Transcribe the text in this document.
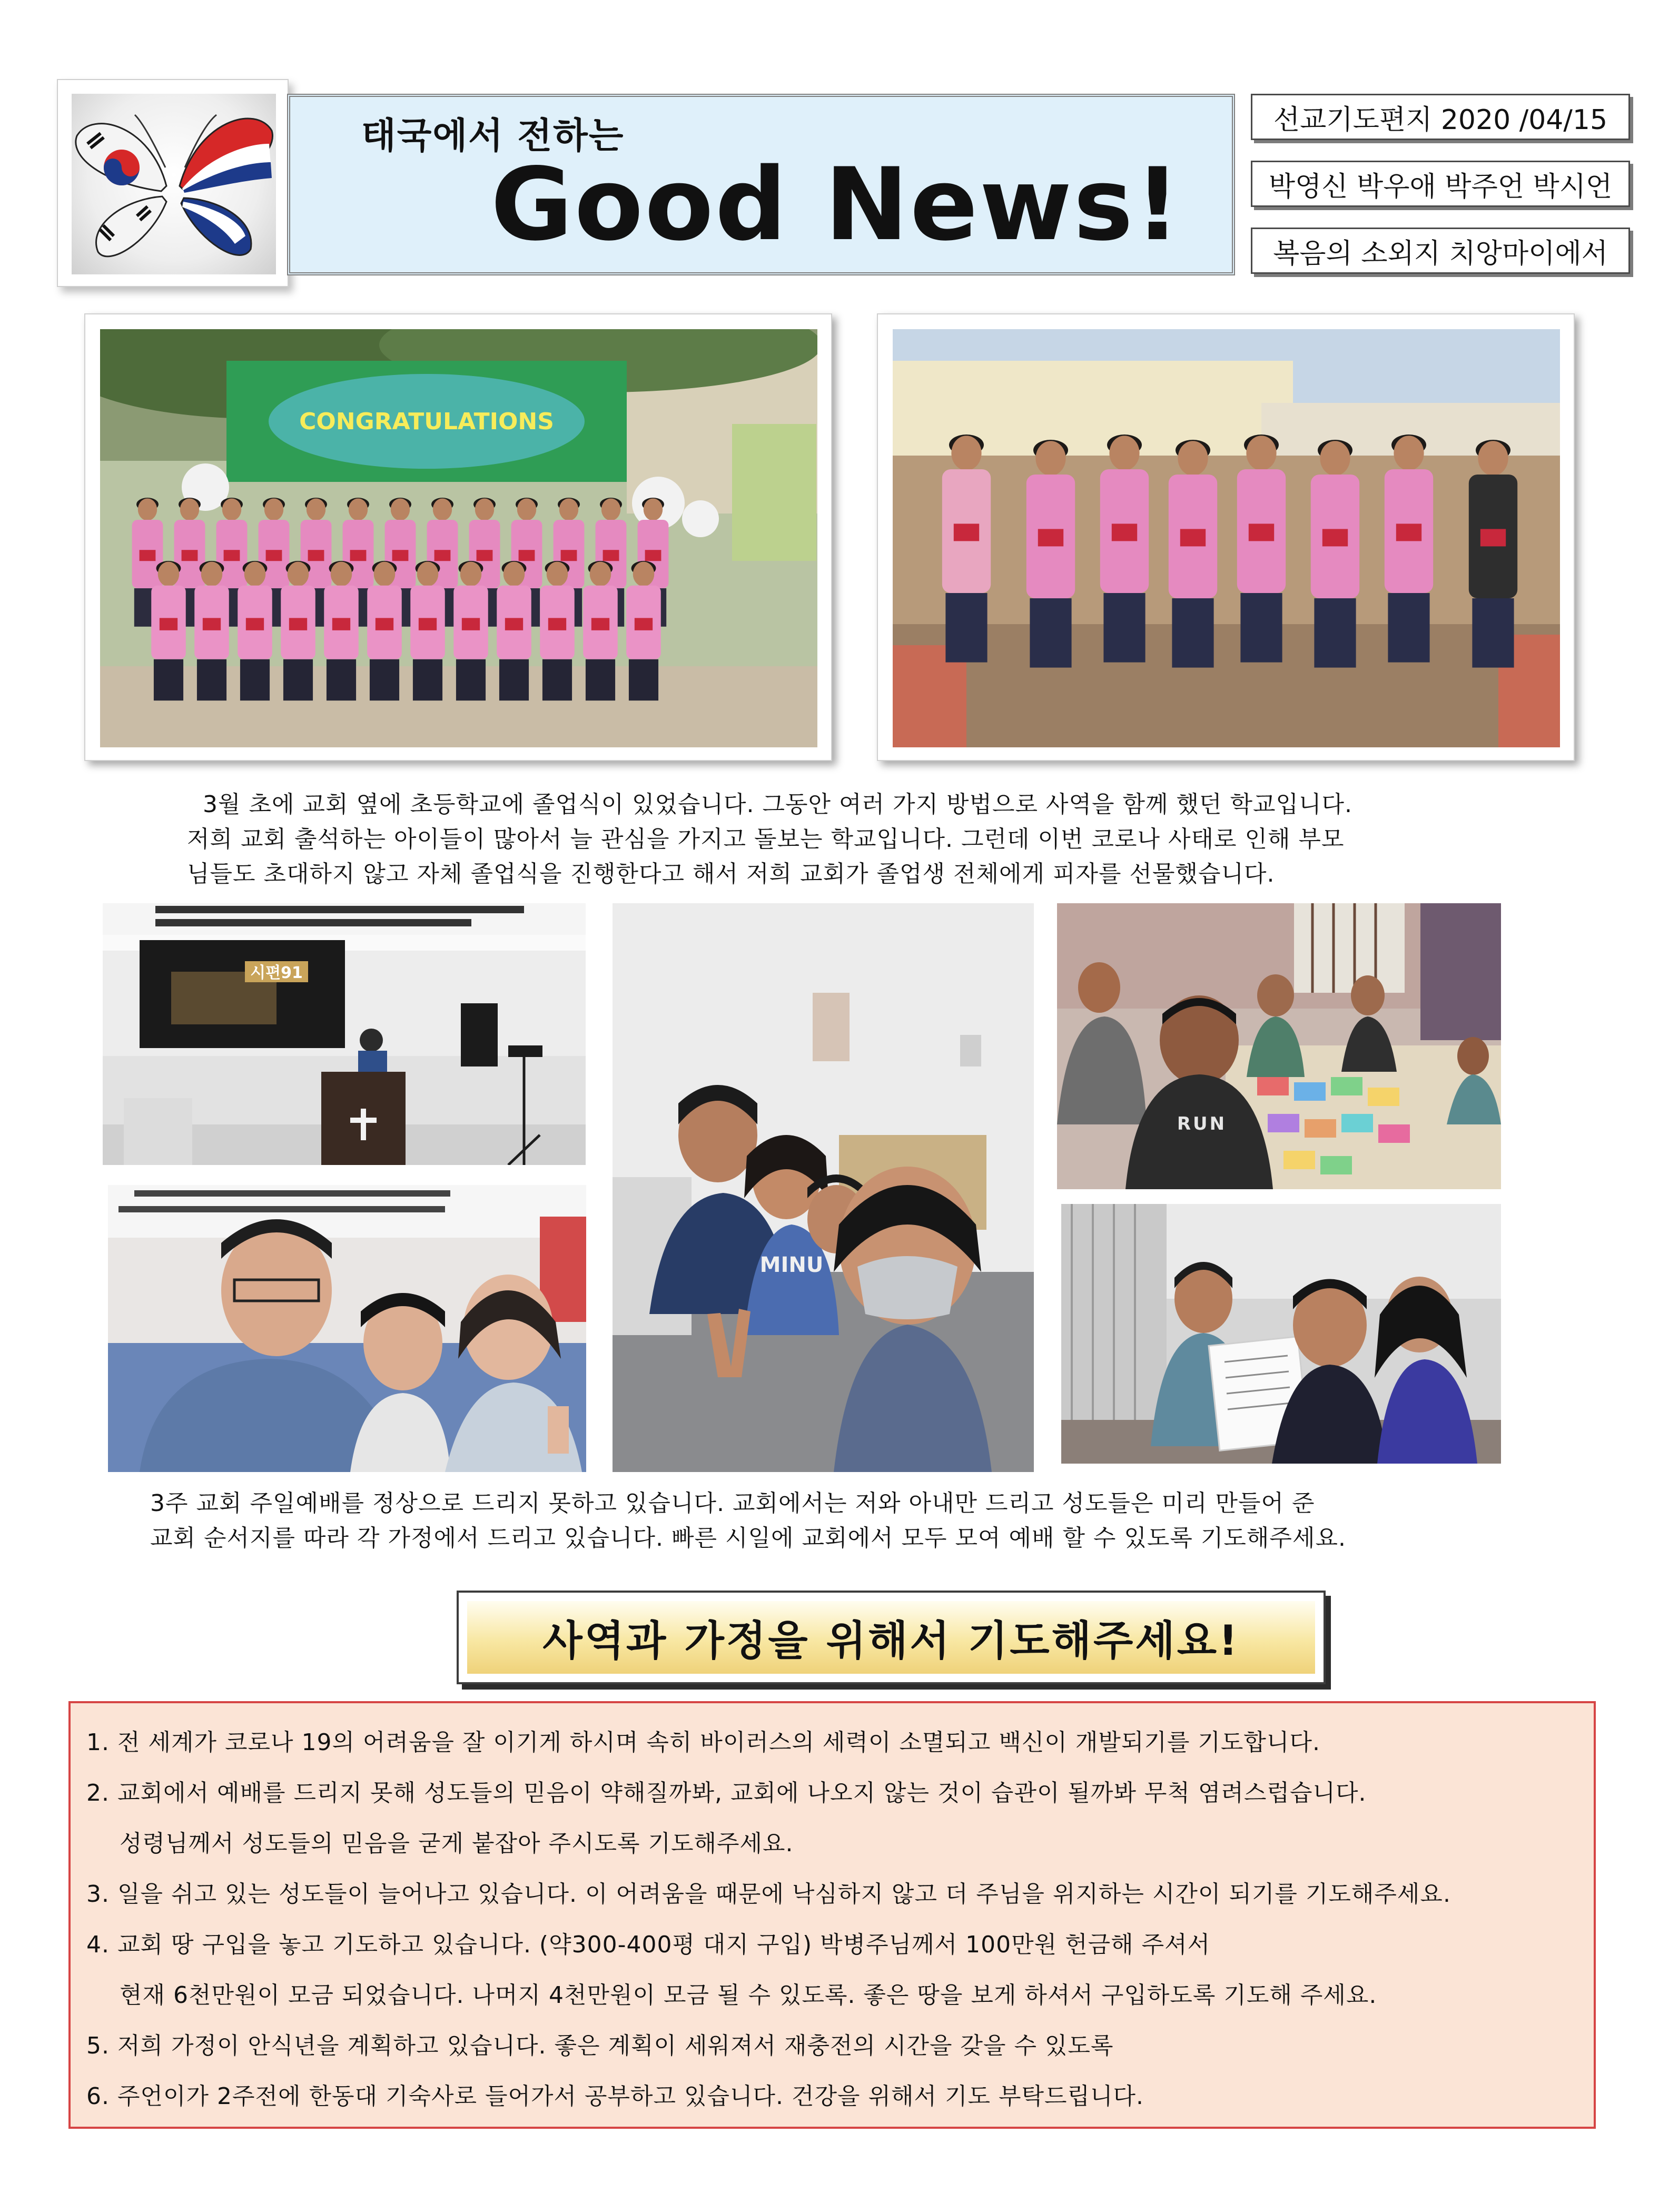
태국에서 전하는
Good News!
선교기도편지 2020 /04/15
박영신 박우애 박주언 박시언
복음의 소외지 치앙마이에서
CONGRATULATIONS
3월 초에 교회 옆에 초등학교에 졸업식이 있었습니다. 그동안 여러 가지 방법으로 사역을 함께 했던 학교입니다.
저희 교회 출석하는 아이들이 많아서 늘 관심을 가지고 돌보는 학교입니다. 그런데 이번 코로나 사태로 인해 부모
님들도 초대하지 않고 자체 졸업식을 진행한다고 해서 저희 교회가 졸업생 전체에게 피자를 선물했습니다.
시편91
MINU
RUN
3주 교회 주일예배를 정상으로 드리지 못하고 있습니다. 교회에서는 저와 아내만 드리고 성도들은 미리 만들어 준
교회 순서지를 따라 각 가정에서 드리고 있습니다. 빠른 시일에 교회에서 모두 모여 예배 할 수 있도록 기도해주세요.
사역과 가정을 위해서 기도해주세요!
1. 전 세계가 코로나 19의 어려움을 잘 이기게 하시며 속히 바이러스의 세력이 소멸되고 백신이 개발되기를 기도합니다.
2. 교회에서 예배를 드리지 못해 성도들의 믿음이 약해질까봐, 교회에 나오지 않는 것이 습관이 될까봐 무척 염려스럽습니다.
성령님께서 성도들의 믿음을 굳게 붙잡아 주시도록 기도해주세요.
3. 일을 쉬고 있는 성도들이 늘어나고 있습니다. 이 어려움을 때문에 낙심하지 않고 더 주님을 위지하는 시간이 되기를 기도해주세요.
4. 교회 땅 구입을 놓고 기도하고 있습니다. (약300-400평 대지 구입) 박병주님께서 100만원 헌금해 주셔서
현재 6천만원이 모금 되었습니다. 나머지 4천만원이 모금 될 수 있도록. 좋은 땅을 보게 하셔서 구입하도록 기도해 주세요.
5. 저희 가정이 안식년을 계획하고 있습니다. 좋은 계획이 세워져서 재충전의 시간을 갖을 수 있도록
6. 주언이가 2주전에 한동대 기숙사로 들어가서 공부하고 있습니다. 건강을 위해서 기도 부탁드립니다.
